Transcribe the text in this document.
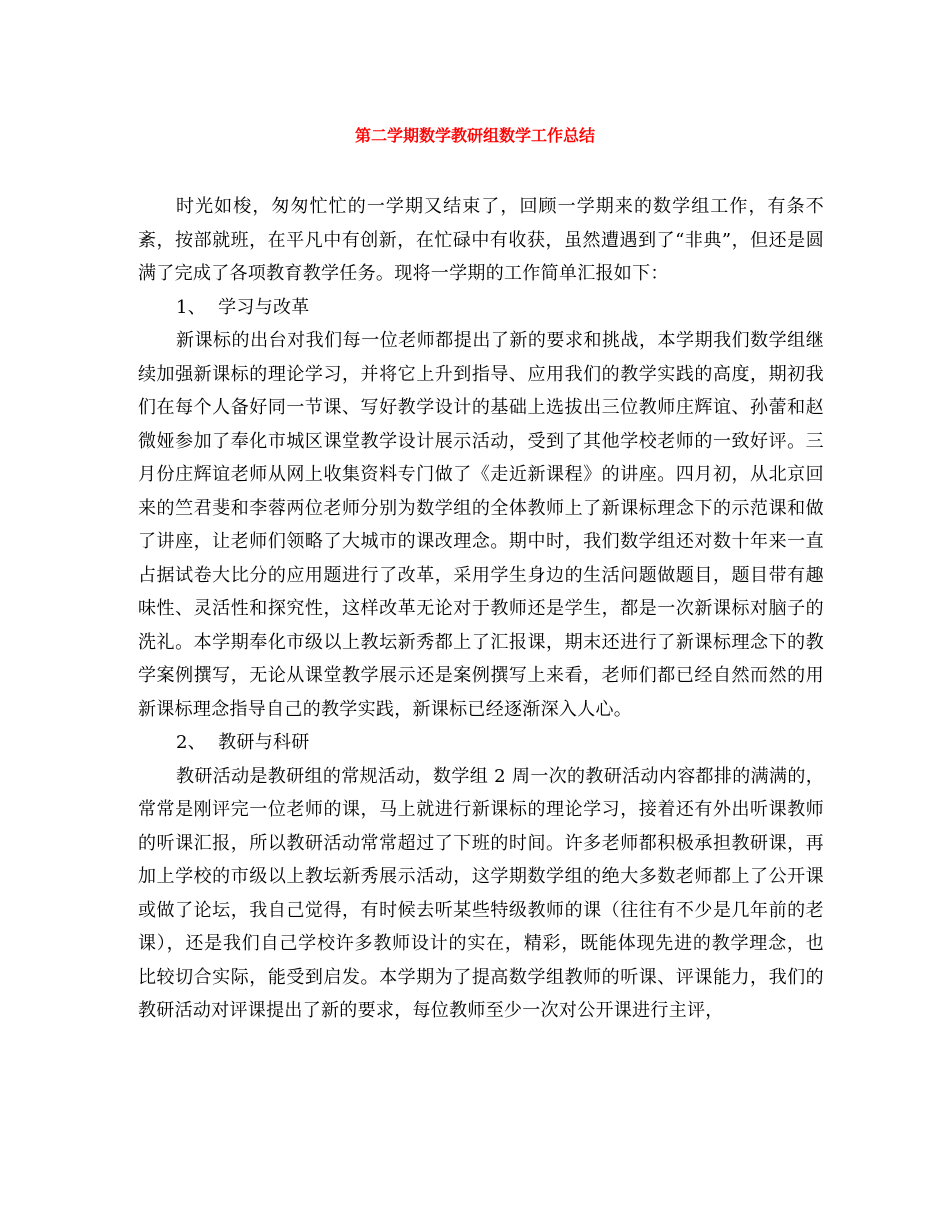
第二学期数学教研组数学工作总结

时光如梭，匆匆忙忙的一学期又结束了，回顾一学期来的数学组工作，有条不紊，按部就班，在平凡中有创新，在忙碌中有收获，虽然遭遇到了“非典”，但还是圆满了完成了各项教育教学任务。现将一学期的工作简单汇报如下：

1、  学习与改革

新课标的出台对我们每一位老师都提出了新的要求和挑战，本学期我们数学组继续加强新课标的理论学习，并将它上升到指导、应用我们的教学实践的高度，期初我们在每个人备好同一节课、写好教学设计的基础上选拔出三位教师庄辉谊、孙蕾和赵微娅参加了奉化市城区课堂教学设计展示活动，受到了其他学校老师的一致好评。三月份庄辉谊老师从网上收集资料专门做了《走近新课程》的讲座。四月初，从北京回来的竺君斐和李蓉两位老师分别为数学组的全体教师上了新课标理念下的示范课和做了讲座，让老师们领略了大城市的课改理念。期中时，我们数学组还对数十年来一直占据试卷大比分的应用题进行了改革，采用学生身边的生活问题做题目，题目带有趣味性、灵活性和探究性，这样改革无论对于教师还是学生，都是一次新课标对脑子的洗礼。本学期奉化市级以上教坛新秀都上了汇报课，期末还进行了新课标理念下的教学案例撰写，无论从课堂教学展示还是案例撰写上来看，老师们都已经自然而然的用新课标理念指导自己的教学实践，新课标已经逐渐深入人心。

2、  教研与科研

教研活动是教研组的常规活动，数学组 2 周一次的教研活动内容都排的满满的，常常是刚评完一位老师的课，马上就进行新课标的理论学习，接着还有外出听课教师的听课汇报，所以教研活动常常超过了下班的时间。许多老师都积极承担教研课，再加上学校的市级以上教坛新秀展示活动，这学期数学组的绝大多数老师都上了公开课或做了论坛，我自己觉得，有时候去听某些特级教师的课（往往有不少是几年前的老课），还是我们自己学校许多教师设计的实在，精彩，既能体现先进的教学理念，也比较切合实际，能受到启发。本学期为了提高数学组教师的听课、评课能力，我们的教研活动对评课提出了新的要求，每位教师至少一次对公开课进行主评，
